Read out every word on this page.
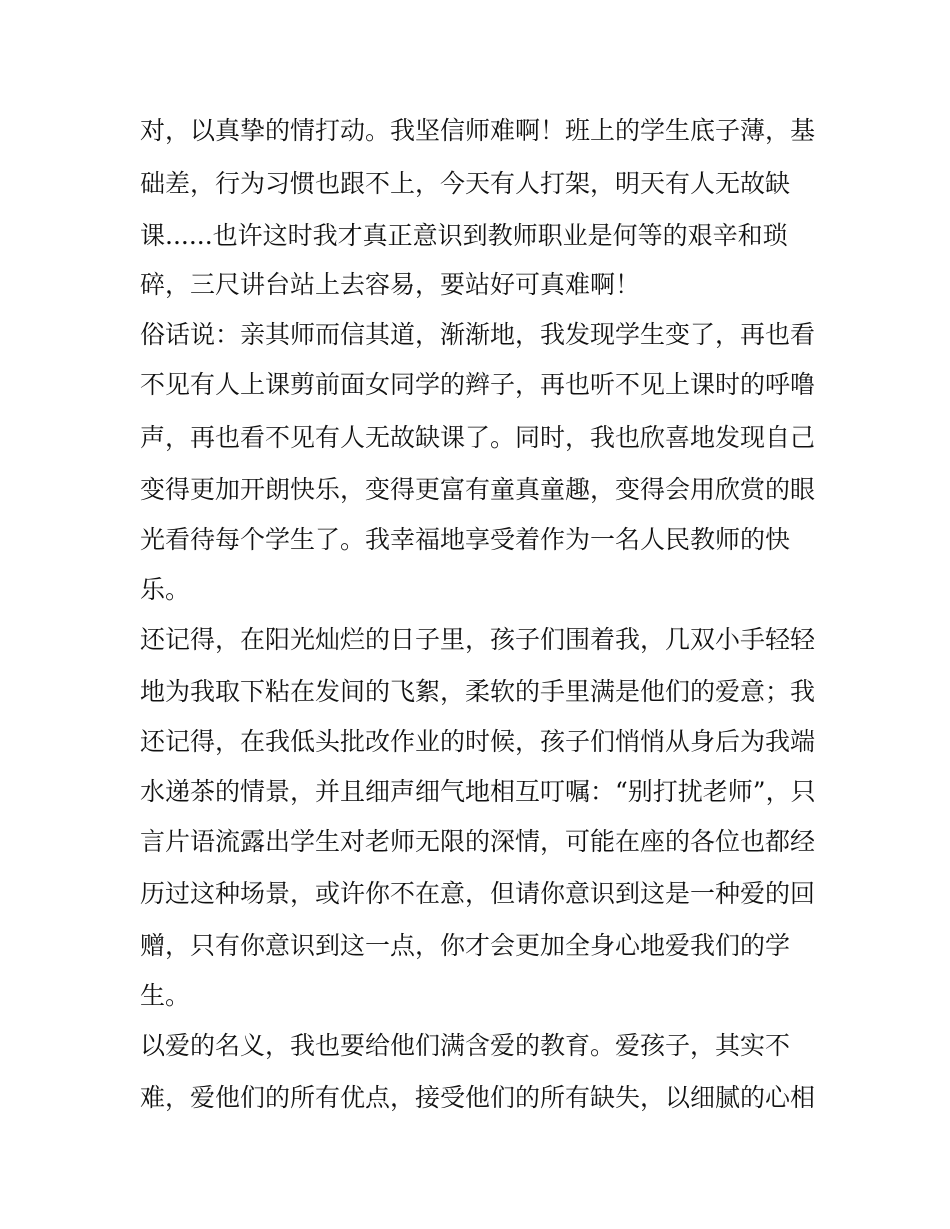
对，以真挚的情打动。我坚信师难啊！班上的学生底子薄，基
础差，行为习惯也跟不上，今天有人打架，明天有人无故缺
课......也许这时我才真正意识到教师职业是何等的艰辛和琐
碎，三尺讲台站上去容易，要站好可真难啊！
俗话说：亲其师而信其道，渐渐地，我发现学生变了，再也看
不见有人上课剪前面女同学的辫子，再也听不见上课时的呼噜
声，再也看不见有人无故缺课了。同时，我也欣喜地发现自己
变得更加开朗快乐，变得更富有童真童趣，变得会用欣赏的眼
光看待每个学生了。我幸福地享受着作为一名人民教师的快
乐。
还记得，在阳光灿烂的日子里，孩子们围着我，几双小手轻轻
地为我取下粘在发间的飞絮，柔软的手里满是他们的爱意；我
还记得，在我低头批改作业的时候，孩子们悄悄从身后为我端
水递茶的情景，并且细声细气地相互叮嘱：“别打扰老师”，只
言片语流露出学生对老师无限的深情，可能在座的各位也都经
历过这种场景，或许你不在意，但请你意识到这是一种爱的回
赠，只有你意识到这一点，你才会更加全身心地爱我们的学
生。
以爱的名义，我也要给他们满含爱的教育。爱孩子，其实不
难，爱他们的所有优点，接受他们的所有缺失，以细腻的心相
